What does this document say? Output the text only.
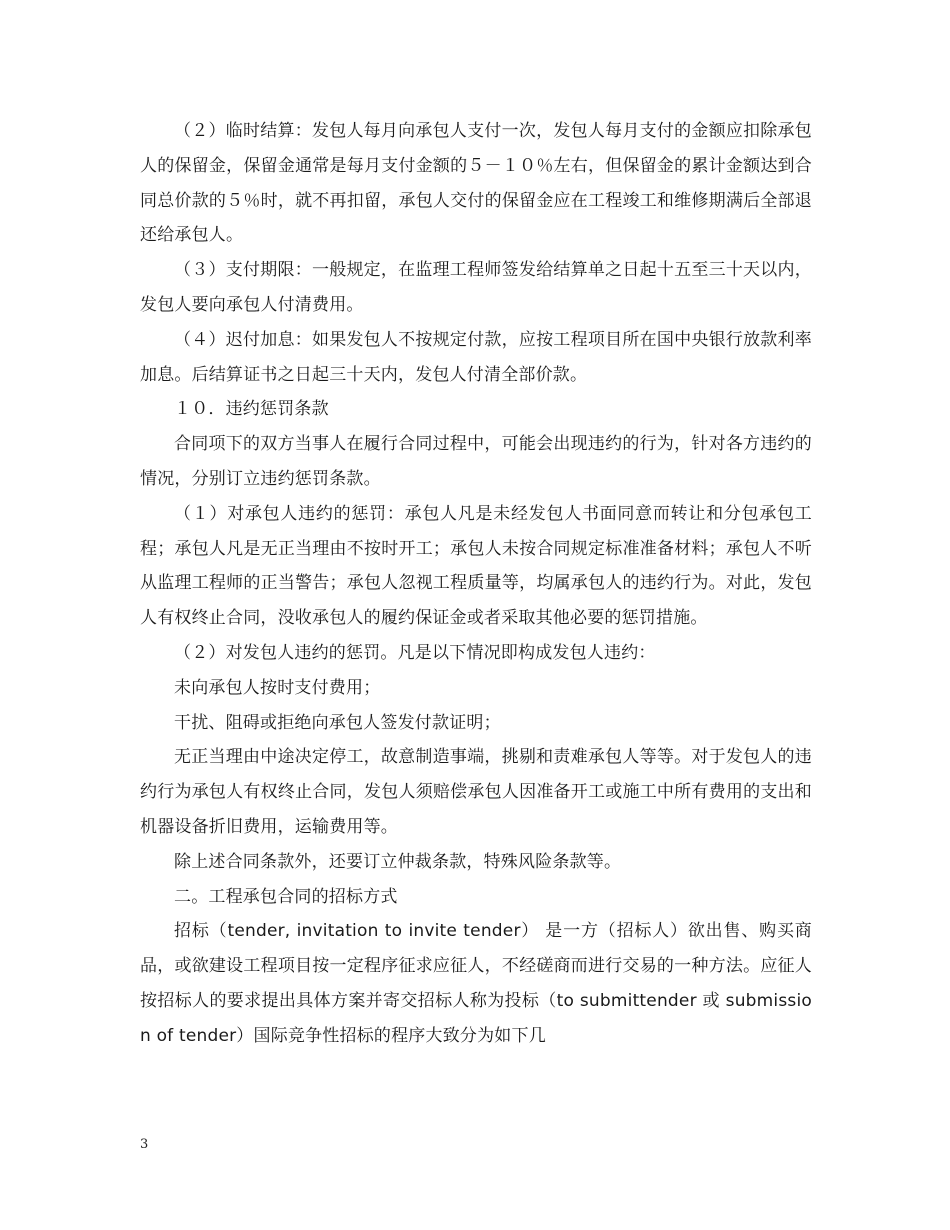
（２）临时结算：发包人每月向承包人支付一次，发包人每月支付的金额应扣除承包人的保留金，保留金通常是每月支付金额的５－１０％左右，但保留金的累计金额达到合同总价款的５％时，就不再扣留，承包人交付的保留金应在工程竣工和维修期满后全部退还给承包人。

（３）支付期限：一般规定，在监理工程师签发给结算单之日起十五至三十天以内，发包人要向承包人付清费用。

（４）迟付加息：如果发包人不按规定付款，应按工程项目所在国中央银行放款利率加息。后结算证书之日起三十天内，发包人付清全部价款。

１０．违约惩罚条款

合同项下的双方当事人在履行合同过程中，可能会出现违约的行为，针对各方违约的情况，分别订立违约惩罚条款。

（１）对承包人违约的惩罚：承包人凡是未经发包人书面同意而转让和分包承包工程；承包人凡是无正当理由不按时开工；承包人未按合同规定标准准备材料；承包人不听从监理工程师的正当警告；承包人忽视工程质量等，均属承包人的违约行为。对此，发包人有权终止合同，没收承包人的履约保证金或者采取其他必要的惩罚措施。

（２）对发包人违约的惩罚。凡是以下情况即构成发包人违约：

未向承包人按时支付费用；

干扰、阻碍或拒绝向承包人签发付款证明；

无正当理由中途决定停工，故意制造事端，挑剔和责难承包人等等。对于发包人的违约行为承包人有权终止合同，发包人须赔偿承包人因准备开工或施工中所有费用的支出和机器设备折旧费用，运输费用等。

除上述合同条款外，还要订立仲裁条款，特殊风险条款等。

二。工程承包合同的招标方式

招标（tender, invitation to invite tender） 是一方（招标人）欲出售、购买商品，或欲建设工程项目按一定程序征求应征人，不经磋商而进行交易的一种方法。应征人按招标人的要求提出具体方案并寄交招标人称为投标（to submittender 或 submission of tender）国际竞争性招标的程序大致分为如下几

3
